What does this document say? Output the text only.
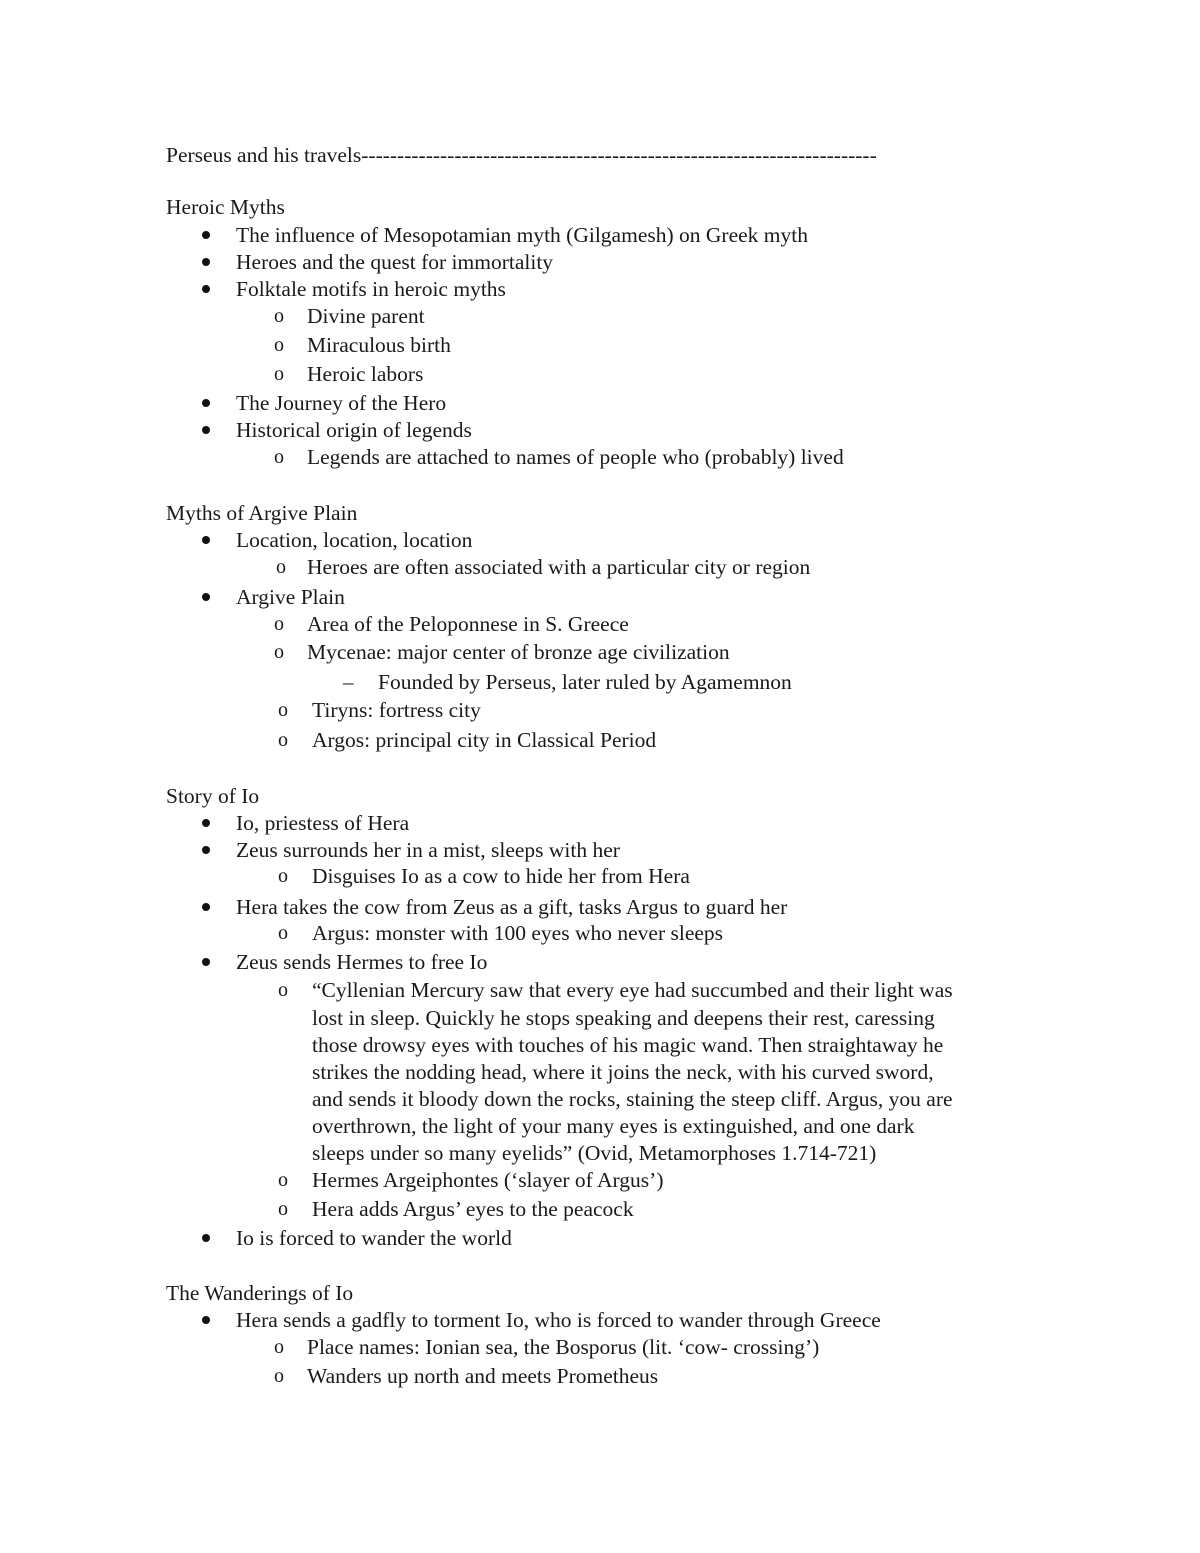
Perseus and his travels------------------------------------------------------------------------
Heroic Myths
The influence of Mesopotamian myth (Gilgamesh) on Greek myth
Heroes and the quest for immortality
Folktale motifs in heroic myths
o Divine parent
o Miraculous birth
o Heroic labors
The Journey of the Hero
Historical origin of legends
o Legends are attached to names of people who (probably) lived
Myths of Argive Plain
Location, location, location
o Heroes are often associated with a particular city or region
Argive Plain
o Area of the Peloponnese in S. Greece
o Mycenae: major center of bronze age civilization
– Founded by Perseus, later ruled by Agamemnon
o Tiryns: fortress city
o Argos: principal city in Classical Period
Story of Io
Io, priestess of Hera
Zeus surrounds her in a mist, sleeps with her
o Disguises Io as a cow to hide her from Hera
Hera takes the cow from Zeus as a gift, tasks Argus to guard her
o Argus: monster with 100 eyes who never sleeps
Zeus sends Hermes to free Io
o “Cyllenian Mercury saw that every eye had succumbed and their light was
lost in sleep. Quickly he stops speaking and deepens their rest, caressing
those drowsy eyes with touches of his magic wand. Then straightaway he
strikes the nodding head, where it joins the neck, with his curved sword,
and sends it bloody down the rocks, staining the steep cliff. Argus, you are
overthrown, the light of your many eyes is extinguished, and one dark
sleeps under so many eyelids” (Ovid, Metamorphoses 1.714-721)
o Hermes Argeiphontes (‘slayer of Argus’)
o Hera adds Argus’ eyes to the peacock
Io is forced to wander the world
The Wanderings of Io
Hera sends a gadfly to torment Io, who is forced to wander through Greece
o Place names: Ionian sea, the Bosporus (lit. ‘cow- crossing’)
o Wanders up north and meets Prometheus
